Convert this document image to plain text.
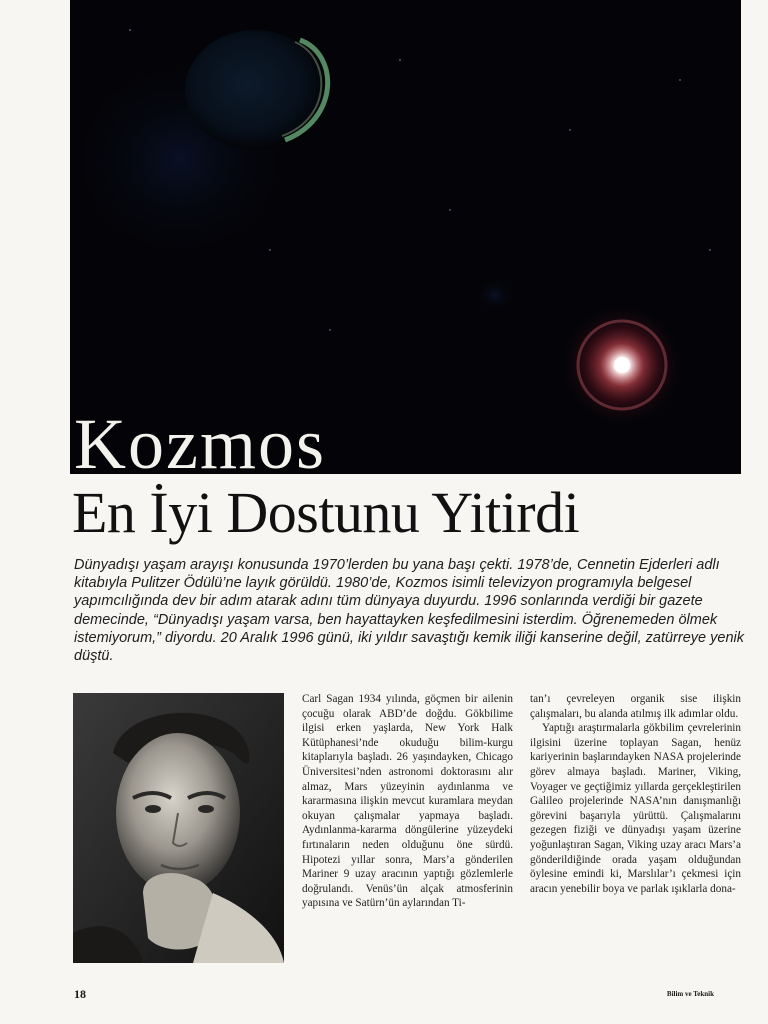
Kozmos
En İyi Dostunu Yitirdi
Dünyadışı yaşam arayışı konusunda 1970’lerden bu yana başı çekti. 1978’de, Cennetin Ejderleri adlı kitabıyla Pulitzer Ödülü’ne layık görüldü. 1980’de, Kozmos isimli televizyon programıyla belgesel yapımcılığında dev bir adım atarak adını tüm dünyaya duyurdu. 1996 sonlarında verdiği bir gazete demecinde, “Dünyadışı yaşam varsa, ben hayattayken keşfedilmesini isterdim. Öğrenemeden ölmek istemiyorum,” diyordu. 20 Aralık 1996 günü, iki yıldır savaştığı kemik iliği kanserine değil, zatürreye yenik düştü.

Carl Sagan 1934 yılında, göçmen bir ailenin çocuğu olarak ABD’de doğdu. Gökbilime ilgisi erken yaşlarda, New York Halk Kütüphanesi’nde okuduğu bilim-kurgu kitaplarıyla başladı. 26 yaşındayken, Chicago Üniversitesi’nden astronomi doktorasını alır almaz, Mars yüzeyinin aydınlanma ve kararmasına ilişkin mevcut kuramlara meydan okuyan çalışmalar yapmaya başladı. Aydınlanma-kararma döngülerine yüzeydeki fırtınaların neden olduğunu öne sürdü. Hipotezi yıllar sonra, Mars’a gönderilen Mariner 9 uzay aracının yaptığı gözlemlerle doğrulandı. Venüs’ün alçak atmosferinin yapısına ve Satürn’ün aylarından Ti-

tan’ı çevreleyen organik sise ilişkin çalışmaları, bu alanda atılmış ilk adımlar oldu.

Yaptığı araştırmalarla gökbilim çevrelerinin ilgisini üzerine toplayan Sagan, henüz kariyerinin başlarındayken NASA projelerinde görev almaya başladı. Mariner, Viking, Voyager ve geçtiğimiz yıllarda gerçekleştirilen Galileo projelerinde NASA’nın danışmanlığı görevini başarıyla yürüttü. Çalışmalarını gezegen fiziği ve dünyadışı yaşam üzerine yoğunlaştıran Sagan, Viking uzay aracı Mars’a gönderildiğinde orada yaşam olduğundan öylesine emindi ki, Marslılar’ı çekmesi için aracın yenebilir boya ve parlak ışıklarla dona-

18	Bilim ve Teknik
